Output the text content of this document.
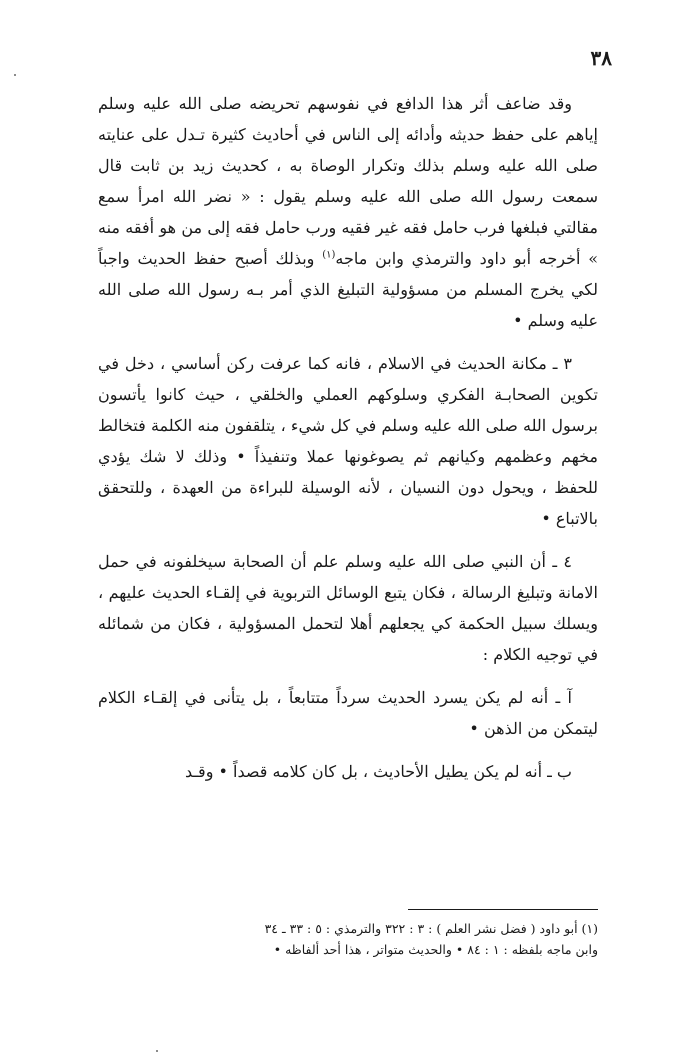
٣٨

وقد ضاعف أثر هذا الدافع في نفوسهم تحريضه صلى الله عليه وسلم إياهم على حفظ حديثه وأدائه إلى الناس في أحاديث كثيرة تـدل على عنايته صلى الله عليه وسلم بذلك وتكرار الوصاة به ، كحديث زيد بن ثابت قال سمعت رسول الله صلى الله عليه وسلم يقول : « نضر الله امرأ سمع مقالتي فبلغها فرب حامل فقه غير فقيه ورب حامل فقه إلى من هو أفقه منه » أخرجه أبو داود والترمذي وابن ماجه$^{(١)}$ وبذلك أصبح حفظ الحديث واجباً لكي يخرج المسلم من مسؤولية التبليغ الذي أمر بـه رسول الله صلى الله عليه وسلم •

٣ ـ مكانة الحديث في الاسلام ، فانه كما عرفت ركن أساسي ، دخل في تكوين الصحابـة الفكري وسلوكهم العملي والخلقي ، حيث كانوا يأتسون برسول الله صلى الله عليه وسلم في كل شيء ، يتلقفون منه الكلمة فتخالط مخهم وعظمهم وكيانهم ثم يصوغونها عملا وتنفيذاً • وذلك لا شك يؤدي للحفظ ، ويحول دون النسيان ، لأنه الوسيلة للبراءة من العهدة ، وللتحقق بالاتباع •

٤ ـ أن النبي صلى الله عليه وسلم علم أن الصحابة سيخلفونه في حمل الامانة وتبليغ الرسالة ، فكان يتبع الوسائل التربوية في إلقـاء الحديث عليهم ، ويسلك سبيل الحكمة كي يجعلهم أهلا لتحمل المسؤولية ، فكان من شمائله في توجيه الكلام :

آ ـ أنه لم يكن يسرد الحديث سرداً متتابعاً ، بل يتأنى في إلقـاء الكلام ليتمكن من الذهن •

ب ـ أنه لم يكن يطيل الأحاديث ، بل كان كلامه قصداً • وقـد

(١) أبو داود ( فضل نشر العلم ) : ٣ : ٣٢٢ والترمذي : ٥ : ٣٣ ـ ٣٤

وابن ماجه بلفظه : ١ : ٨٤ • والحديث متواتر ، هذا أحد ألفاظه •
